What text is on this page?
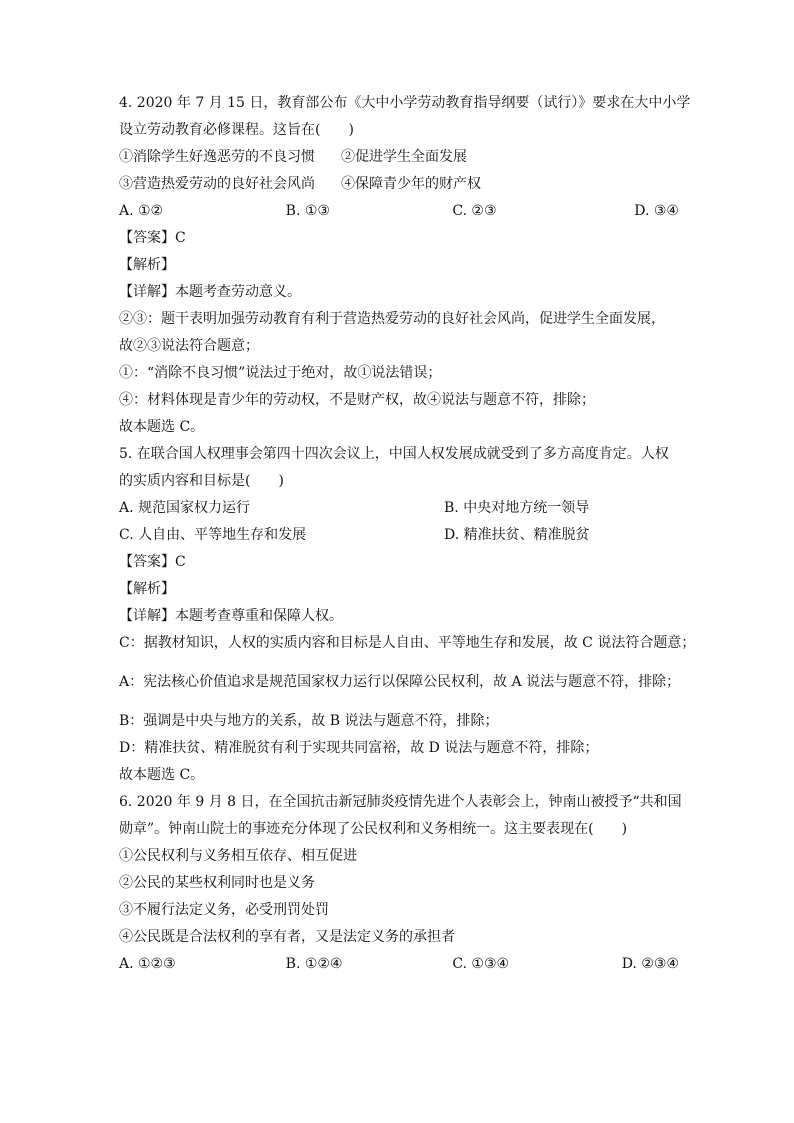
4. 2020 年 7 月 15 日，教育部公布《大中小学劳动教育指导纲要（试行）》要求在大中小学
设立劳动教育必修课程。这旨在(　　)
①消除学生好逸恶劳的不良习惯	②促进学生全面发展
③营造热爱劳动的良好社会风尚	④保障青少年的财产权
A. ①②	B. ①③	C. ②③	D. ③④
【答案】C
【解析】
【详解】本题考查劳动意义。
②③：题干表明加强劳动教育有利于营造热爱劳动的良好社会风尚，促进学生全面发展，
故②③说法符合题意；
①：“消除不良习惯”说法过于绝对，故①说法错误；
④：材料体现是青少年的劳动权，不是财产权，故④说法与题意不符，排除；
故本题选 C。
5. 在联合国人权理事会第四十四次会议上，中国人权发展成就受到了多方高度肯定。人权
的实质内容和目标是(　　)
A. 规范国家权力运行	B. 中央对地方统一领导
C. 人自由、平等地生存和发展	D. 精准扶贫、精准脱贫
【答案】C
【解析】
【详解】本题考查尊重和保障人权。
C：据教材知识，人权的实质内容和目标是人自由、平等地生存和发展，故 C 说法符合题意；
A：宪法核心价值追求是规范国家权力运行以保障公民权利，故 A 说法与题意不符，排除；
B：强调是中央与地方的关系，故 B 说法与题意不符，排除；
D：精准扶贫、精准脱贫有利于实现共同富裕，故 D 说法与题意不符，排除；
故本题选 C。
6. 2020 年 9 月 8 日，在全国抗击新冠肺炎疫情先进个人表彰会上，钟南山被授予“共和国
勋章”。钟南山院士的事迹充分体现了公民权利和义务相统一。这主要表现在(　　)
①公民权利与义务相互依存、相互促进
②公民的某些权利同时也是义务
③不履行法定义务，必受刑罚处罚
④公民既是合法权利的享有者，又是法定义务的承担者
A. ①②③	B. ①②④	C. ①③④	D. ②③④
